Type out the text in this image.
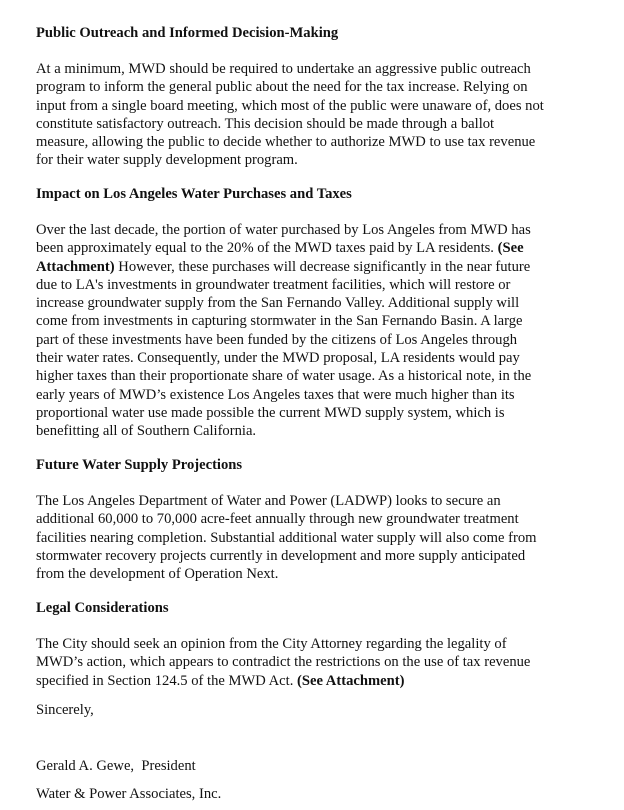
Public Outreach and Informed Decision-Making
At a minimum, MWD should be required to undertake an aggressive public outreach
program to inform the general public about the need for the tax increase. Relying on
input from a single board meeting, which most of the public were unaware of, does not
constitute satisfactory outreach. This decision should be made through a ballot
measure, allowing the public to decide whether to authorize MWD to use tax revenue
for their water supply development program.
Impact on Los Angeles Water Purchases and Taxes
Over the last decade, the portion of water purchased by Los Angeles from MWD has
been approximately equal to the 20% of the MWD taxes paid by LA residents. (See
Attachment) However, these purchases will decrease significantly in the near future
due to LA's investments in groundwater treatment facilities, which will restore or
increase groundwater supply from the San Fernando Valley. Additional supply will
come from investments in capturing stormwater in the San Fernando Basin. A large
part of these investments have been funded by the citizens of Los Angeles through
their water rates. Consequently, under the MWD proposal, LA residents would pay
higher taxes than their proportionate share of water usage. As a historical note, in the
early years of MWD’s existence Los Angeles taxes that were much higher than its
proportional water use made possible the current MWD supply system, which is
benefitting all of Southern California.
Future Water Supply Projections
The Los Angeles Department of Water and Power (LADWP) looks to secure an
additional 60,000 to 70,000 acre-feet annually through new groundwater treatment
facilities nearing completion. Substantial additional water supply will also come from
stormwater recovery projects currently in development and more supply anticipated
from the development of Operation Next.
Legal Considerations
The City should seek an opinion from the City Attorney regarding the legality of
MWD’s action, which appears to contradict the restrictions on the use of tax revenue
specified in Section 124.5 of the MWD Act. (See Attachment)
Sincerely,
Gerald A. Gewe,  President
Water & Power Associates, Inc.
